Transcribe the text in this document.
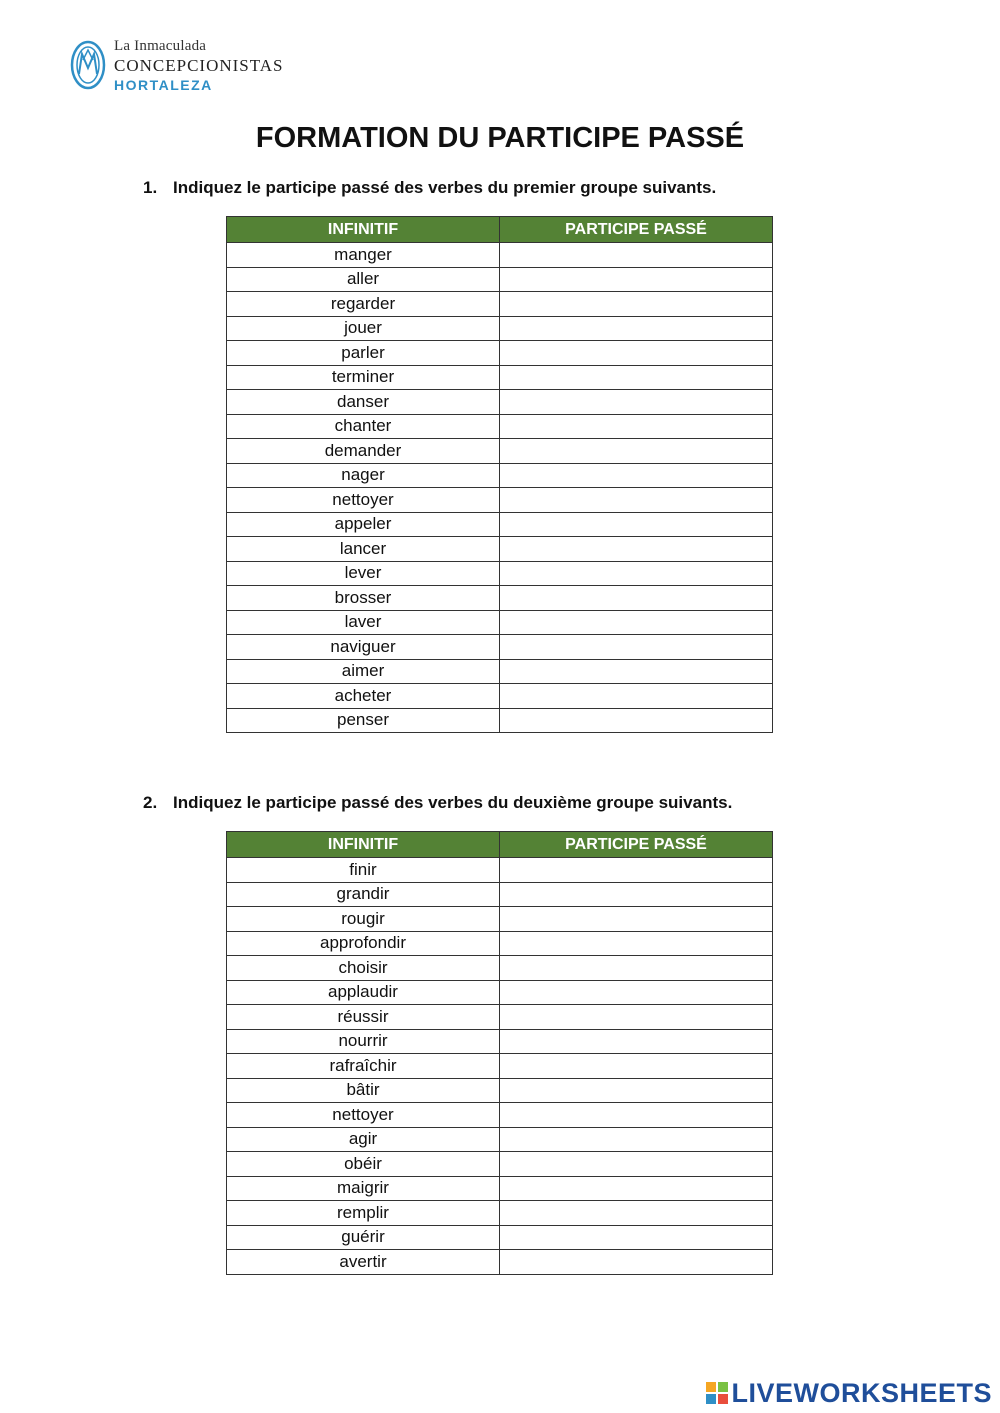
La Inmaculada
CONCEPCIONISTAS
HORTALEZA
FORMATION DU PARTICIPE PASSÉ
1. Indiquez le participe passé des verbes du premier groupe suivants.
INFINITIF	PARTICIPE PASSÉ
manger	
aller	
regarder	
jouer	
parler	
terminer	
danser	
chanter	
demander	
nager	
nettoyer	
appeler	
lancer	
lever	
brosser	
laver	
naviguer	
aimer	
acheter	
penser	
2. Indiquez le participe passé des verbes du deuxième groupe suivants.
INFINITIF	PARTICIPE PASSÉ
finir	
grandir	
rougir	
approfondir	
choisir	
applaudir	
réussir	
nourrir	
rafraîchir	
bâtir	
nettoyer	
agir	
obéir	
maigrir	
remplir	
guérir	
avertir	
LIVEWORKSHEETS
